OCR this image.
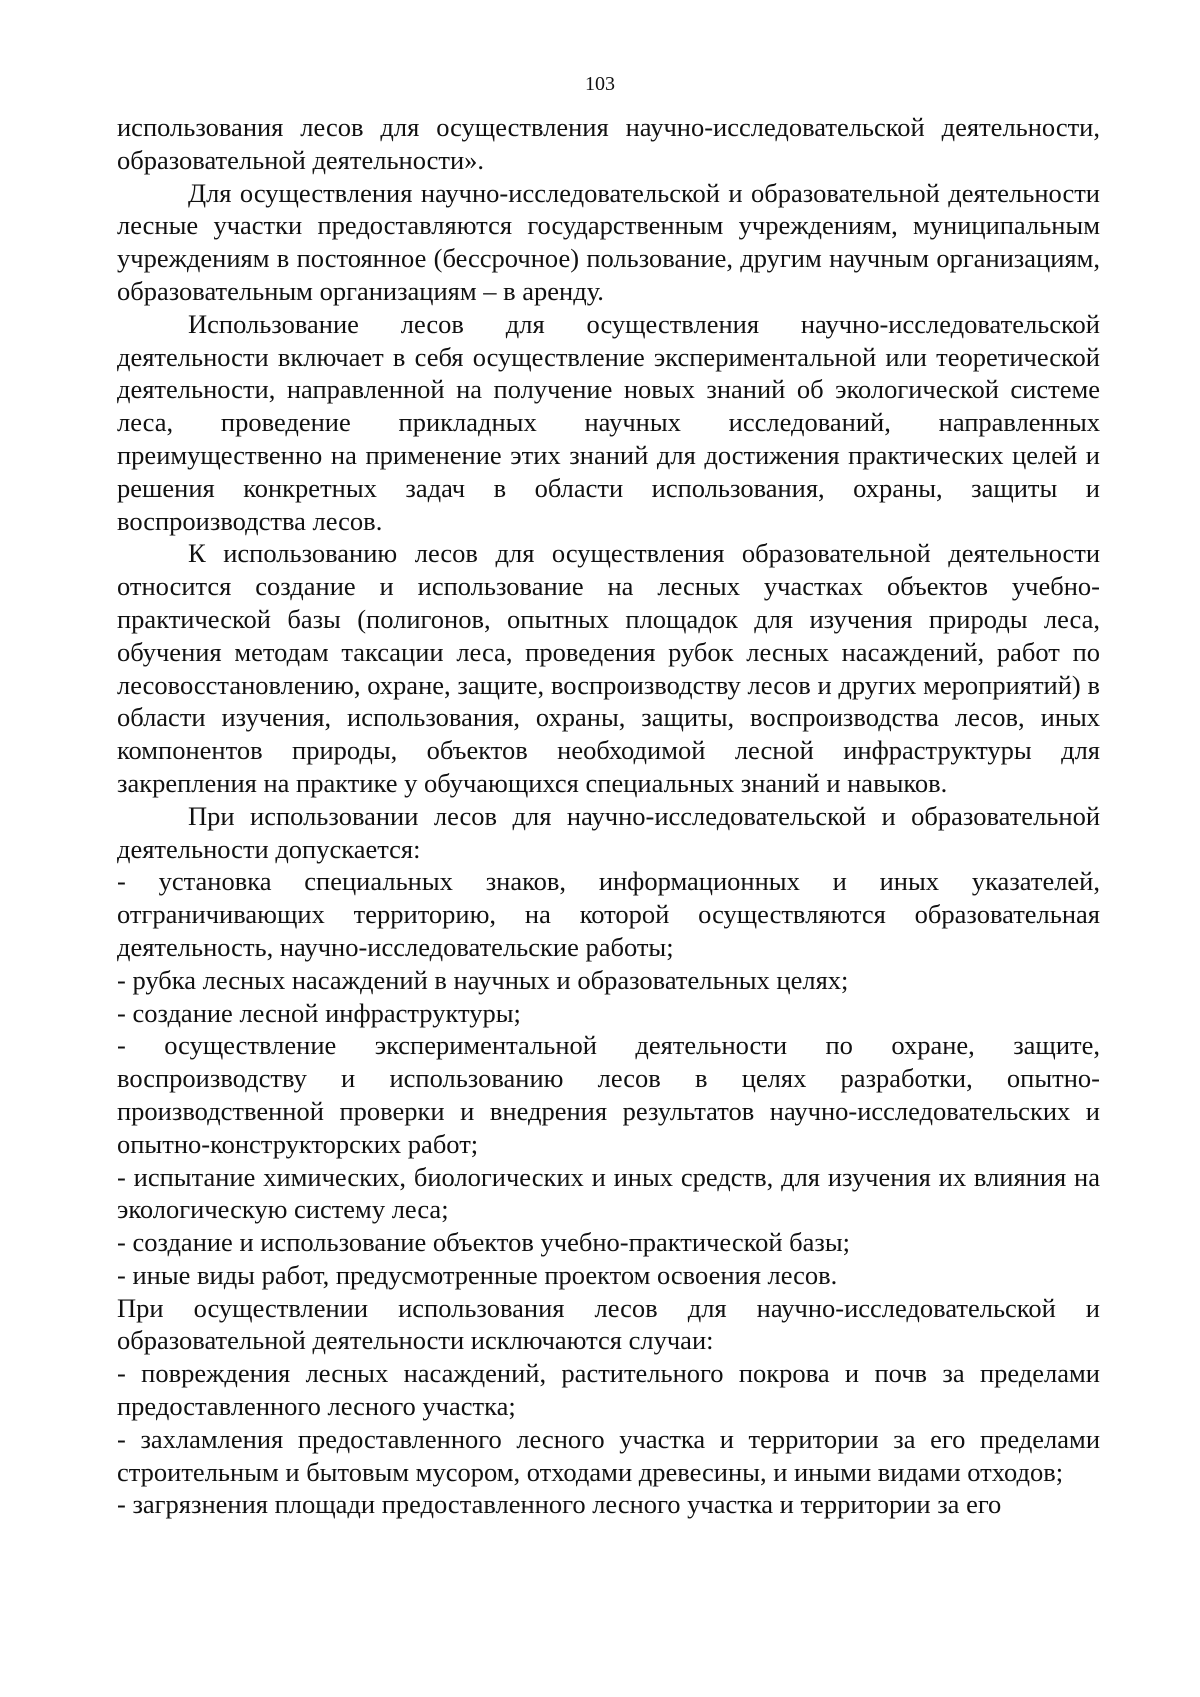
103

использования лесов для осуществления научно-исследовательской деятельности, образовательной деятельности».

Для осуществления научно-исследовательской и образовательной деятельности лесные участки предоставляются государственным учреждениям, муниципальным учреждениям в постоянное (бессрочное) пользование, другим научным организациям, образовательным организациям – в аренду.

Использование лесов для осуществления научно-исследовательской деятельности включает в себя осуществление экспериментальной или теоретической деятельности, направленной на получение новых знаний об экологической системе леса, проведение прикладных научных исследований, направленных преимущественно на применение этих знаний для достижения практических целей и решения конкретных задач в области использования, охраны, защиты и воспроизводства лесов.

К использованию лесов для осуществления образовательной деятельности относится создание и использование на лесных участках объектов учебно-практической базы (полигонов, опытных площадок для изучения природы леса, обучения методам таксации леса, проведения рубок лесных насаждений, работ по лесовосстановлению, охране, защите, воспроизводству лесов и других мероприятий) в области изучения, использования, охраны, защиты, воспроизводства лесов, иных компонентов природы, объектов необходимой лесной инфраструктуры для закрепления на практике у обучающихся специальных знаний и навыков.

При использовании лесов для научно-исследовательской и образовательной деятельности допускается:

- установка специальных знаков, информационных и иных указателей, отграничивающих территорию, на которой осуществляются образовательная деятельность, научно-исследовательские работы;

- рубка лесных насаждений в научных и образовательных целях;

- создание лесной инфраструктуры;

- осуществление экспериментальной деятельности по охране, защите, воспроизводству и использованию лесов в целях разработки, опытно-производственной проверки и внедрения результатов научно-исследовательских и опытно-конструкторских работ;

- испытание химических, биологических и иных средств, для изучения их влияния на экологическую систему леса;

- создание и использование объектов учебно-практической базы;

- иные виды работ, предусмотренные проектом освоения лесов.

При осуществлении использования лесов для научно-исследовательской и образовательной деятельности исключаются случаи:

- повреждения лесных насаждений, растительного покрова и почв за пределами предоставленного лесного участка;

- захламления предоставленного лесного участка и территории за его пределами строительным и бытовым мусором, отходами древесины, и иными видами отходов;

- загрязнения площади предоставленного лесного участка и территории за его
